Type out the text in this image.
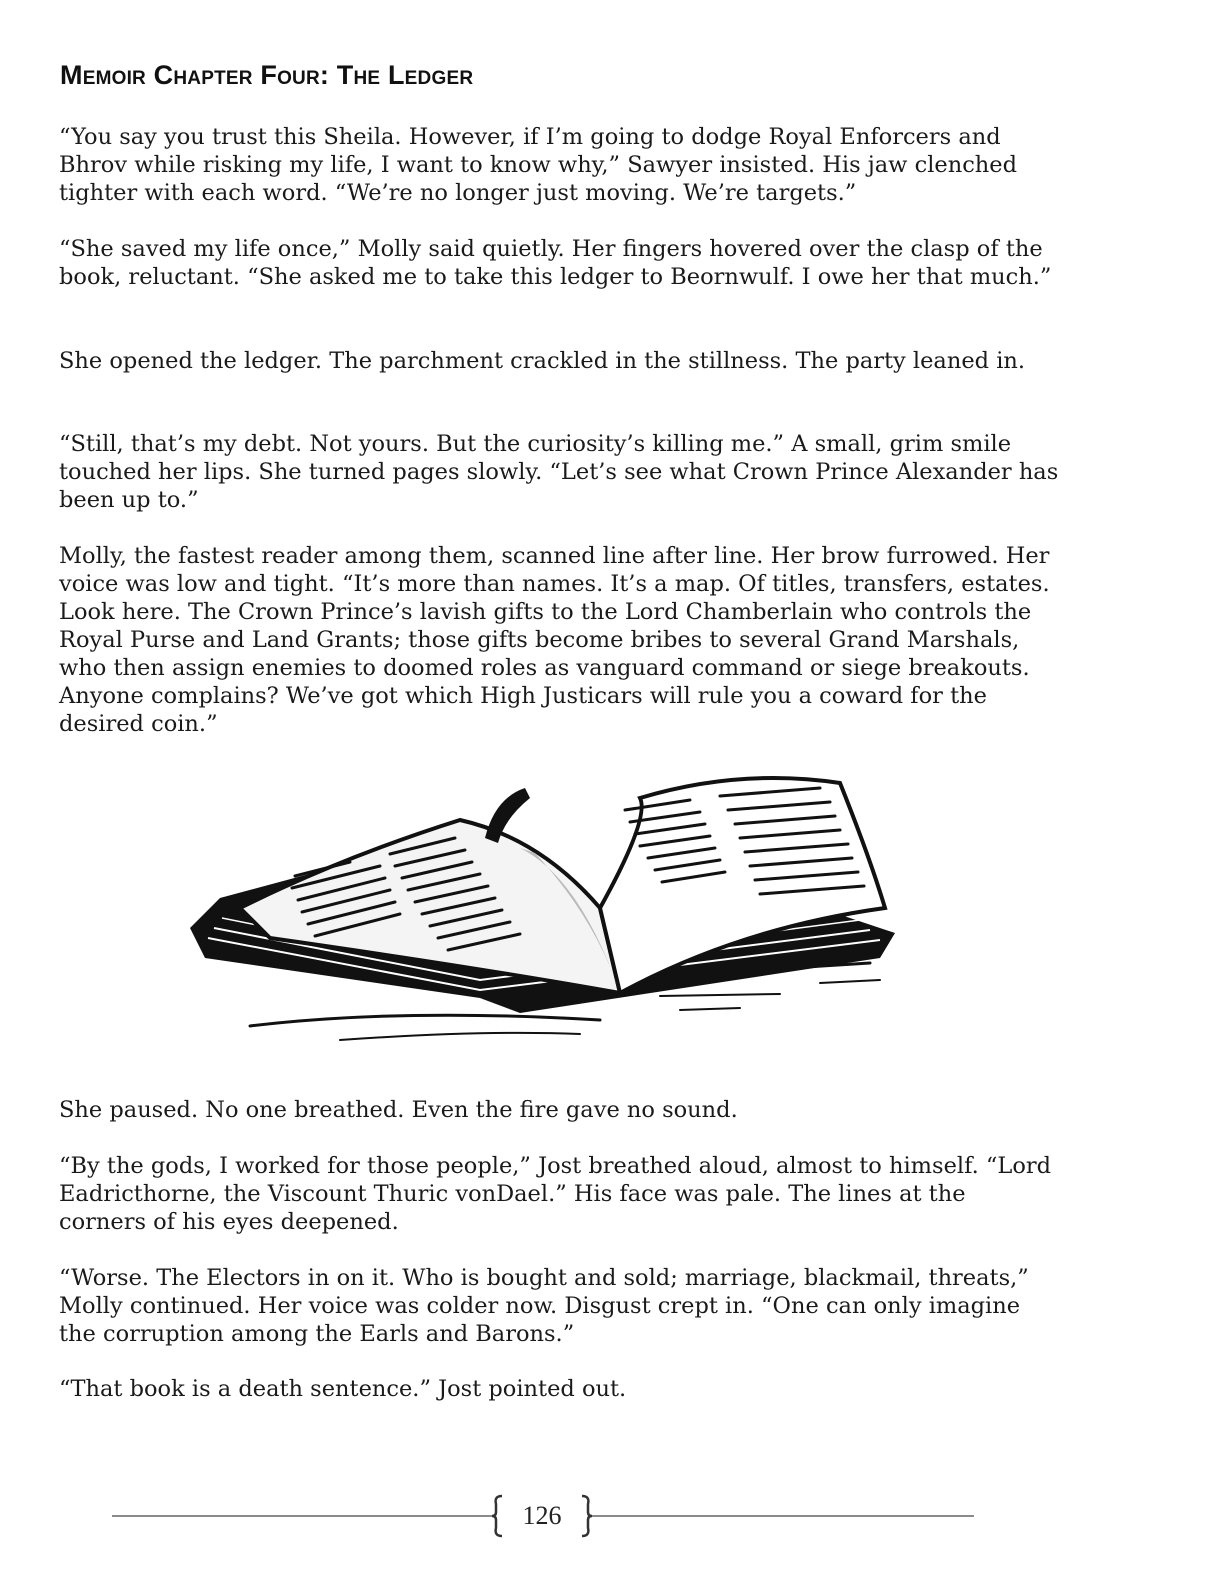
Memoir Chapter Four: The Ledger

“You say you trust this Sheila. However, if I’m going to dodge Royal Enforcers and Bhrov while risking my life, I want to know why,” Sawyer insisted. His jaw clenched tighter with each word. “We’re no longer just moving. We’re targets.”

“She saved my life once,” Molly said quietly. Her fingers hovered over the clasp of the book, reluctant. “She asked me to take this ledger to Beornwulf. I owe her that much.”

She opened the ledger. The parchment crackled in the stillness. The party leaned in.

“Still, that’s my debt. Not yours. But the curiosity’s killing me.” A small, grim smile touched her lips. She turned pages slowly. “Let’s see what Crown Prince Alexander has been up to.”

Molly, the fastest reader among them, scanned line after line. Her brow furrowed. Her voice was low and tight. “It’s more than names. It’s a map. Of titles, transfers, estates. Look here. The Crown Prince’s lavish gifts to the Lord Chamberlain who controls the Royal Purse and Land Grants; those gifts become bribes to several Grand Marshals, who then assign enemies to doomed roles as vanguard command or siege breakouts. Anyone complains? We’ve got which High Justicars will rule you a coward for the desired coin.”

She paused. No one breathed. Even the fire gave no sound.

“By the gods, I worked for those people,” Jost breathed aloud, almost to himself. “Lord Eadricthorne, the Viscount Thuric vonDael.” His face was pale. The lines at the corners of his eyes deepened.

“Worse. The Electors in on it. Who is bought and sold; marriage, blackmail, threats,” Molly continued. Her voice was colder now. Disgust crept in. “One can only imagine the corruption among the Earls and Barons.”

“That book is a death sentence.” Jost pointed out.

126
